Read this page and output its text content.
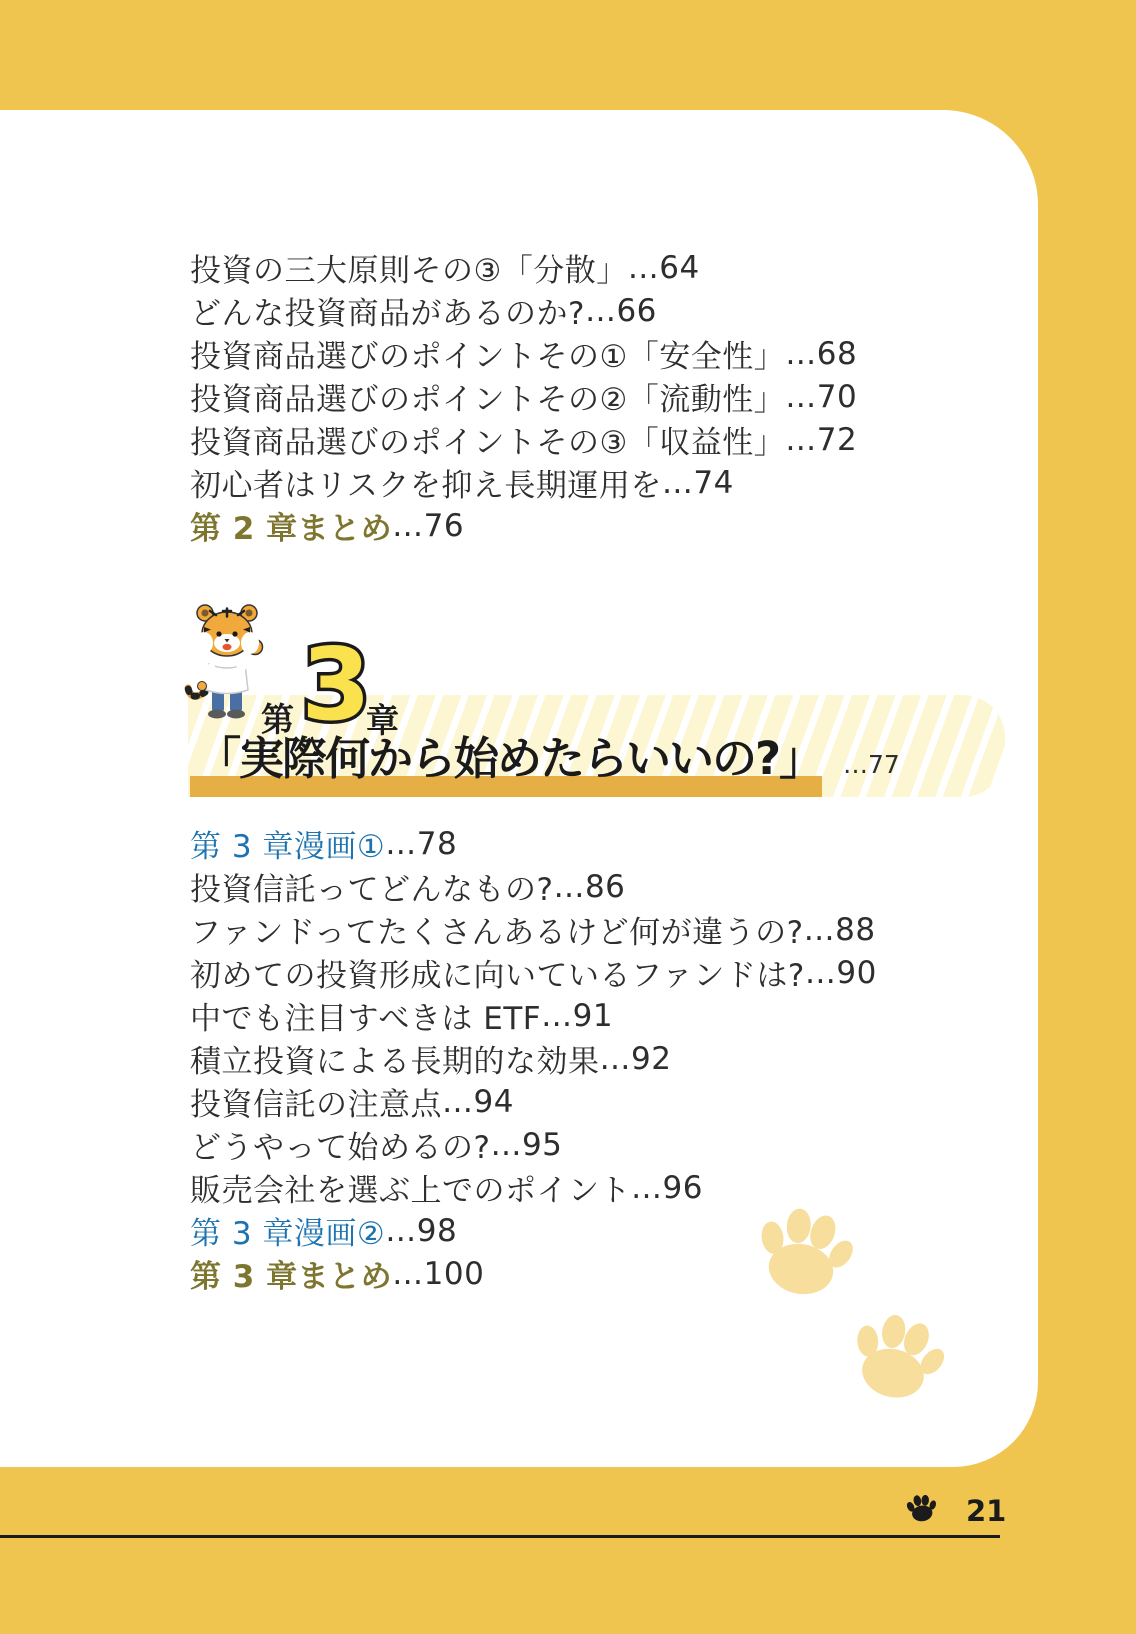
投資の三大原則その③「分散」 … 64
どんな投資商品があるのか? … 66
投資商品選びのポイントその①「安全性」 … 68
投資商品選びのポイントその②「流動性」 … 70
投資商品選びのポイントその③「収益性」 … 72
初心者はリスクを抑え長期運用を … 74
第 2 章まとめ … 76
第 3
章
「実際何から始めたらいいの?」 …77
第 3 章漫画① … 78
投資信託ってどんなもの? … 86
ファンドってたくさんあるけど何が違うの? … 88
初めての投資形成に向いているファンドは? … 90
中でも注目すべきは ETF … 91
積立投資による長期的な効果 … 92
投資信託の注意点 … 94
どうやって始めるの? … 95
販売会社を選ぶ上でのポイント … 96
第 3 章漫画② … 98
第 3 章まとめ … 100
21
